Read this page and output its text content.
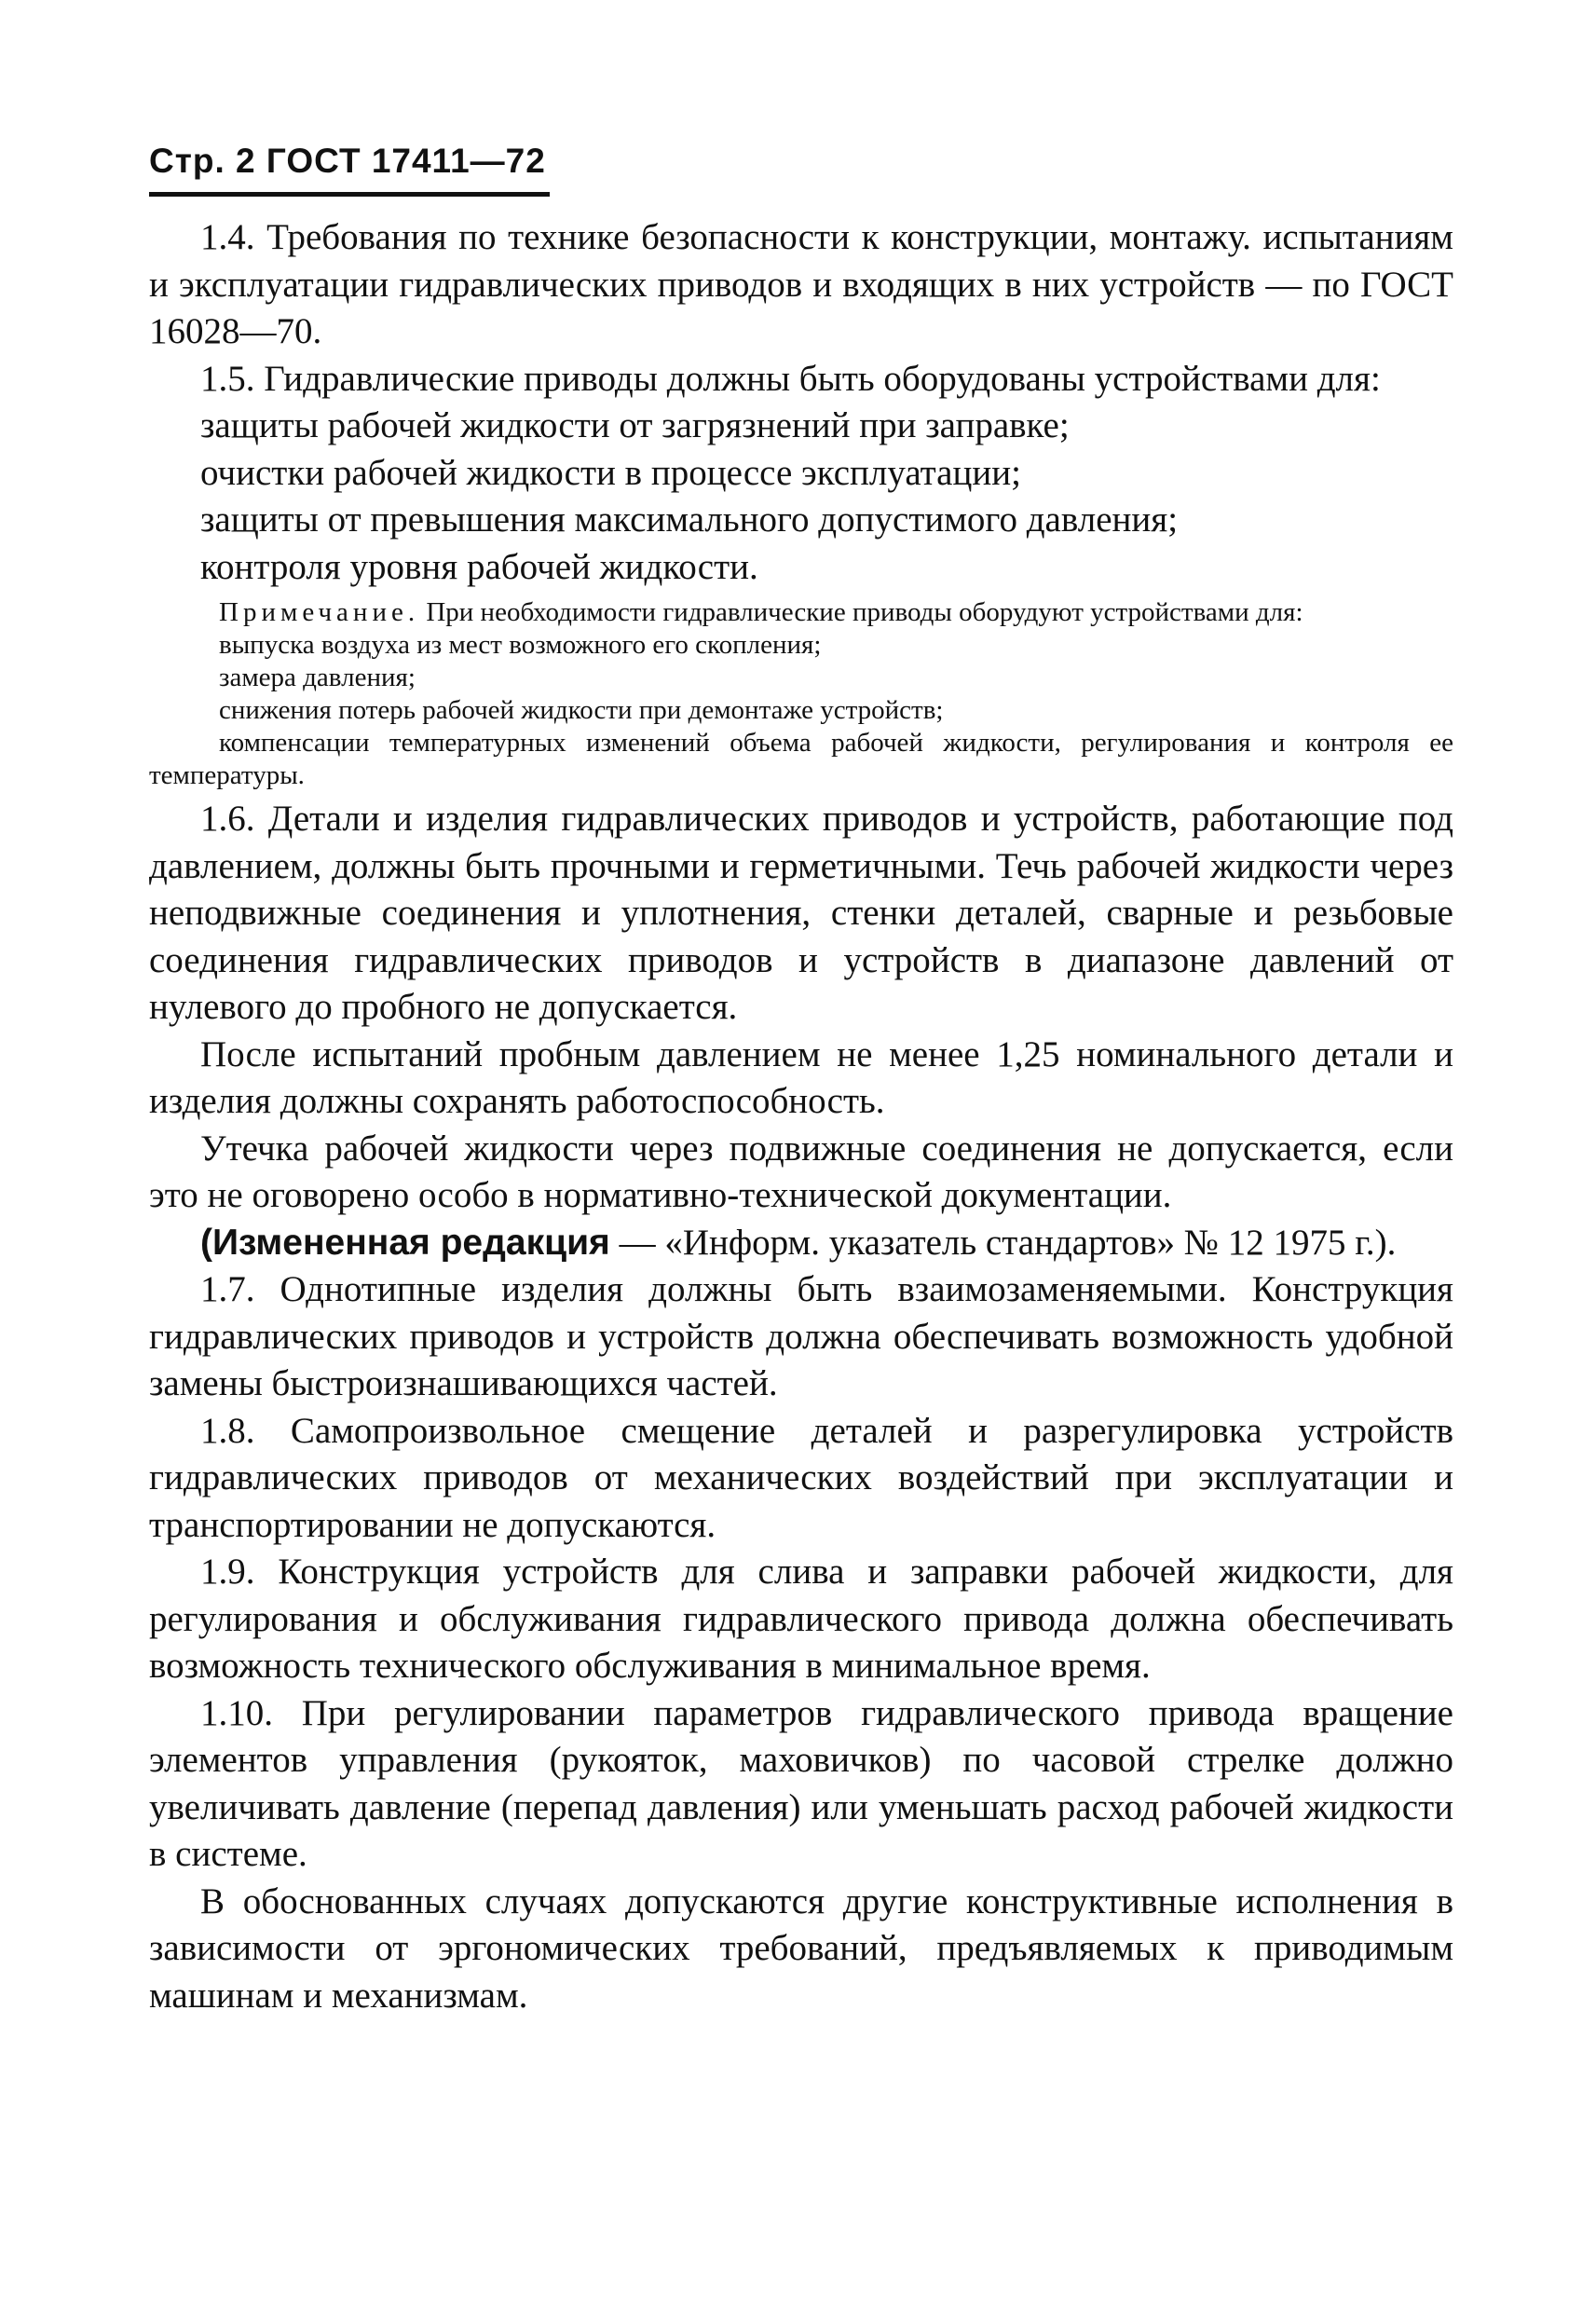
Стр. 2 ГОСТ 17411—72

1.4. Требования по технике безопасности к конструкции, монтажу. испытаниям и эксплуатации гидравлических приводов и входящих в них устройств — по ГОСТ 16028—70.

1.5. Гидравлические приводы должны быть оборудованы устройствами для:

защиты рабочей жидкости от загрязнений при заправке;

очистки рабочей жидкости в процессе эксплуатации;

защиты от превышения максимального допустимого давления;

контроля уровня рабочей жидкости.

Примечание. При необходимости гидравлические приводы оборудуют устройствами для:

выпуска воздуха из мест возможного его скопления;

замера давления;

снижения потерь рабочей жидкости при демонтаже устройств;

компенсации температурных изменений объема рабочей жидкости, регулирования и контроля ее температуры.

1.6. Детали и изделия гидравлических приводов и устройств, работающие под давлением, должны быть прочными и герметичными. Течь рабочей жидкости через неподвижные соединения и уплотнения, стенки деталей, сварные и резьбовые соединения гидравлических приводов и устройств в диапазоне давлений от нулевого до пробного не допускается.

После испытаний пробным давлением не менее 1,25 номинального детали и изделия должны сохранять работоспособность.

Утечка рабочей жидкости через подвижные соединения не допускается, если это не оговорено особо в нормативно-технической документации.

(Измененная редакция — «Информ. указатель стандартов» № 12 1975 г.).

1.7. Однотипные изделия должны быть взаимозаменяемыми. Конструкция гидравлических приводов и устройств должна обеспечивать возможность удобной замены быстроизнашивающихся частей.

1.8. Самопроизвольное смещение деталей и разрегулировка устройств гидравлических приводов от механических воздействий при эксплуатации и транспортировании не допускаются.

1.9. Конструкция устройств для слива и заправки рабочей жидкости, для регулирования и обслуживания гидравлического привода должна обеспечивать возможность технического обслуживания в минимальное время.

1.10. При регулировании параметров гидравлического привода вращение элементов управления (рукояток, маховичков) по часовой стрелке должно увеличивать давление (перепад давления) или уменьшать расход рабочей жидкости в системе.

В обоснованных случаях допускаются другие конструктивные исполнения в зависимости от эргономических требований, предъявляемых к приводимым машинам и механизмам.
